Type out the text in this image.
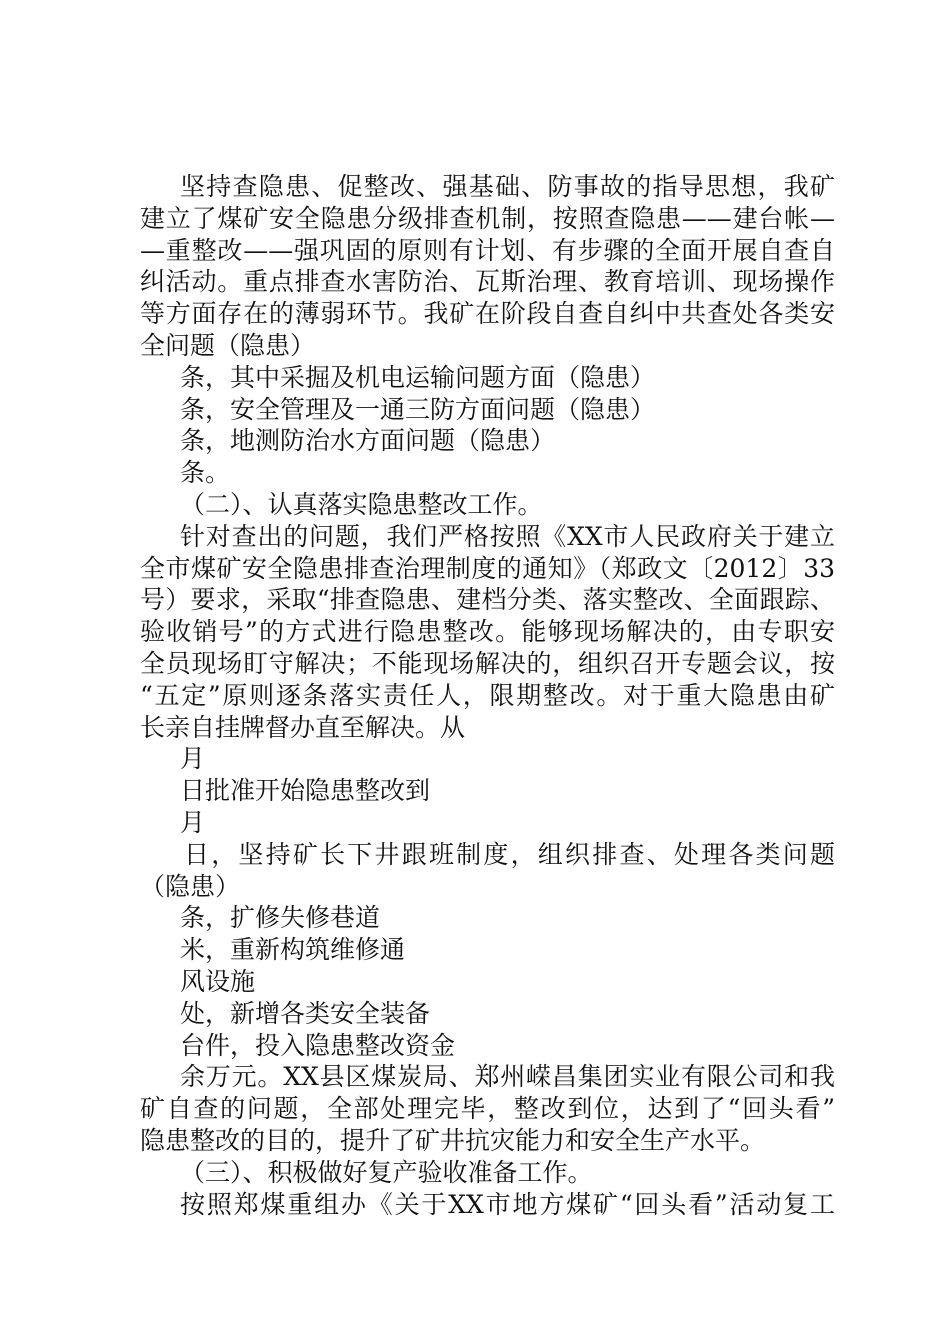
坚持查隐患、促整改、强基础、防事故的指导思想，我矿
建立了煤矿安全隐患分级排查机制，按照查隐患——建台帐—
—重整改——强巩固的原则有计划、有步骤的全面开展自查自
纠活动。重点排查水害防治、瓦斯治理、教育培训、现场操作
等方面存在的薄弱环节。我矿在阶段自查自纠中共查处各类安
全问题（隐患）
条，其中采掘及机电运输问题方面（隐患）
条，安全管理及一通三防方面问题（隐患）
条，地测防治水方面问题（隐患）
条。
（二）、认真落实隐患整改工作。
针对查出的问题，我们严格按照《XX市人民政府关于建立
全市煤矿安全隐患排查治理制度的通知》（郑政文〔2012〕33
号）要求，采取“排查隐患、建档分类、落实整改、全面跟踪、
验收销号”的方式进行隐患整改。能够现场解决的，由专职安
全员现场盯守解决；不能现场解决的，组织召开专题会议，按
“五定”原则逐条落实责任人，限期整改。对于重大隐患由矿
长亲自挂牌督办直至解决。从
月
日批准开始隐患整改到
月
日，坚持矿长下井跟班制度，组织排查、处理各类问题
（隐患）
条，扩修失修巷道
米，重新构筑维修通
风设施
处，新增各类安全装备
台件，投入隐患整改资金
余万元。XX县区煤炭局、郑州嵘昌集团实业有限公司和我
矿自查的问题，全部处理完毕，整改到位，达到了“回头看”
隐患整改的目的，提升了矿井抗灾能力和安全生产水平。
（三）、积极做好复产验收准备工作。
按照郑煤重组办《关于XX市地方煤矿“回头看”活动复工
